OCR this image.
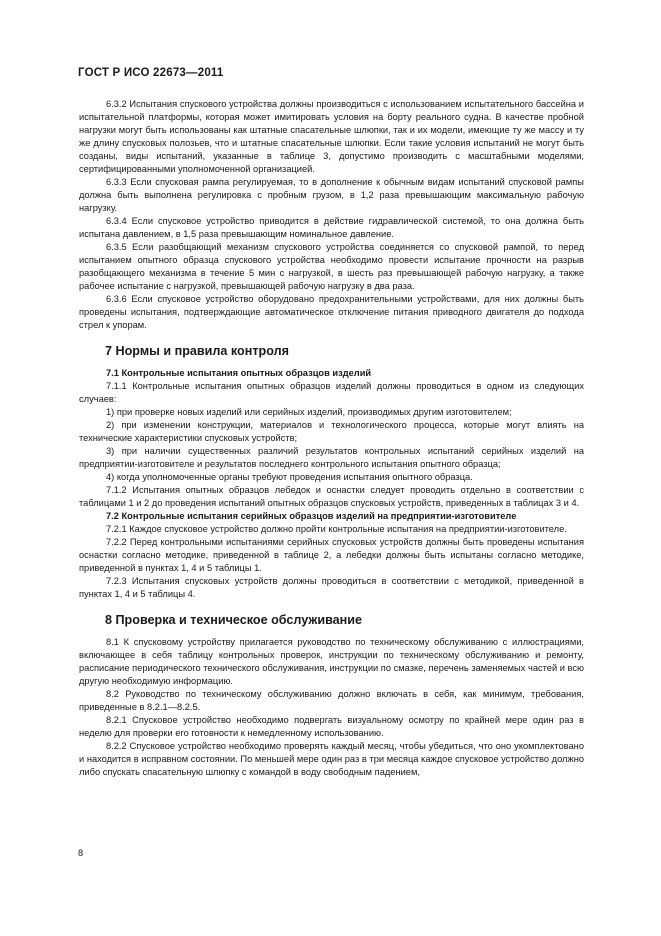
ГОСТ Р ИСО 22673—2011

6.3.2 Испытания спускового устройства должны производиться с использованием испытательного бассейна и испытательной платформы, которая может имитировать условия на борту реального судна. В качестве пробной нагрузки могут быть использованы как штатные спасательные шлюпки, так и их модели, имеющие ту же массу и ту же длину спусковых полозьев, что и штатные спасательные шлюпки. Если такие условия испытаний не могут быть созданы, виды испытаний, указанные в таблице 3, допустимо производить с масштабными моделями, сертифицированными уполномоченной организацией.

6.3.3 Если спусковая рампа регулируемая, то в дополнение к обычным видам испытаний спусковой рампы должна быть выполнена регулировка с пробным грузом, в 1,2 раза превышающим максимальную рабочую нагрузку.

6.3.4 Если спусковое устройство приводится в действие гидравлической системой, то она должна быть испытана давлением, в 1,5 раза превышающим номинальное давление.

6.3.5 Если разобщающий механизм спускового устройства соединяется со спусковой рампой, то перед испытанием опытного образца спускового устройства необходимо провести испытание прочности на разрыв разобщающего механизма в течение 5 мин с нагрузкой, в шесть раз превышающей рабочую нагрузку, а также рабочее испытание с нагрузкой, превышающей рабочую нагрузку в два раза.

6.3.6 Если спусковое устройство оборудовано предохранительными устройствами, для них должны быть проведены испытания, подтверждающие автоматическое отключение питания приводного двигателя до подхода стрел к упорам.

7 Нормы и правила контроля
7.1 Контрольные испытания опытных образцов изделий

7.1.1 Контрольные испытания опытных образцов изделий должны проводиться в одном из следующих случаев:

1) при проверке новых изделий или серийных изделий, производимых другим изготовителем;

2) при изменении конструкции, материалов и технологического процесса, которые могут влиять на технические характеристики спусковых устройств;

3) при наличии существенных различий результатов контрольных испытаний серийных изделий на предприятии-изготовителе и результатов последнего контрольного испытания опытного образца;

4) когда уполномоченные органы требуют проведения испытания опытного образца.

7.1.2 Испытания опытных образцов лебедок и оснастки следует проводить отдельно в соответствии с таблицами 1 и 2 до проведения испытаний опытных образцов спусковых устройств, приведенных в таблицах 3 и 4.

7.2 Контрольные испытания серийных образцов изделий на предприятии-изготовителе

7.2.1 Каждое спусковое устройство должно пройти контрольные испытания на предприятии-изготовителе.

7.2.2 Перед контрольными испытаниями серийных спусковых устройств должны быть проведены испытания оснастки согласно методике, приведенной в таблице 2, а лебедки должны быть испытаны согласно методике, приведенной в пунктах 1, 4 и 5 таблицы 1.

7.2.3 Испытания спусковых устройств должны проводиться в соответствии с методикой, приведенной в пунктах 1, 4 и 5 таблицы 4.

8 Проверка и техническое обслуживание

8.1 К спусковому устройству прилагается руководство по техническому обслуживанию с иллюстрациями, включающее в себя таблицу контрольных проверок, инструкции по техническому обслуживанию и ремонту, расписание периодического технического обслуживания, инструкции по смазке, перечень заменяемых частей и всю другую необходимую информацию.

8.2 Руководство по техническому обслуживанию должно включать в себя, как минимум, требования, приведенные в 8.2.1—8.2.5.

8.2.1 Спусковое устройство необходимо подвергать визуальному осмотру по крайней мере один раз в неделю для проверки его готовности к немедленному использованию.

8.2.2 Спусковое устройство необходимо проверять каждый месяц, чтобы убедиться, что оно укомплектовано и находится в исправном состоянии. По меньшей мере один раз в три месяца каждое спусковое устройство должно либо спускать спасательную шлюпку с командой в воду свободным падением,

8
